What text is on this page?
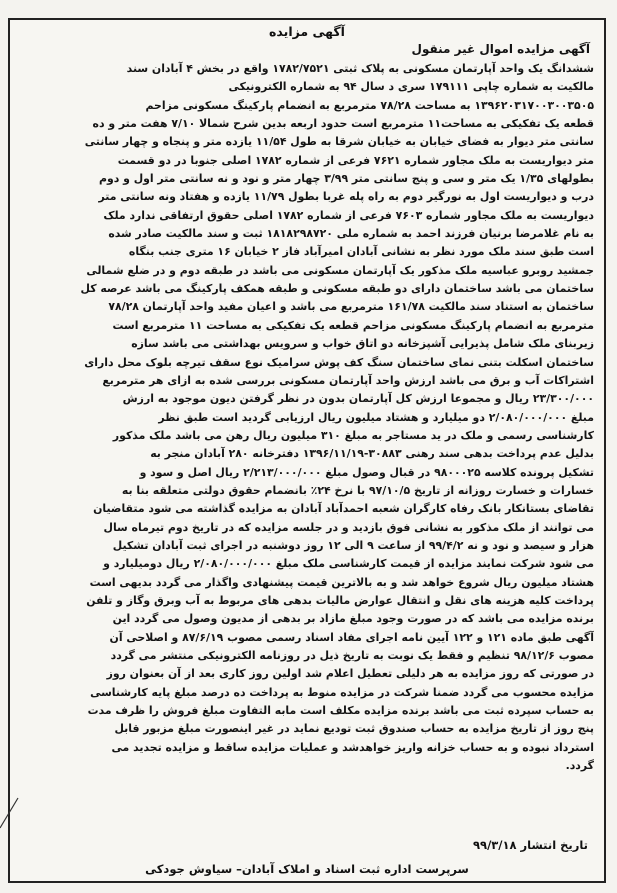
آگهی مزایده
آگهی مزایده اموال غیر منقول
ششدانگ یک واحد آپارتمان مسکونی به پلاک ثبتی ۱۷۸۲/۷۵۲۱ واقع در بخش ۴ آبادان سند
مالکیت به شماره چاپی ۱۷۹۱۱۱ سری د سال ۹۴ به شماره الکترونیکی
۱۳۹۶۲۰۳۱۷۰۰۳۰۰۳۵۰۵ به مساحت ۷۸/۲۸ مترمربع به انضمام پارکینگ مسکونی مزاحم
قطعه یک تفکیکی به مساحت۱۱ مترمربع است حدود اربعه بدین شرح شمالا ۷/۱۰ هفت متر و ده
سانتی متر دیوار به فضای خیابان به خیابان شرقا به طول ۱۱/۵۴ یازده متر و پنجاه و چهار سانتی
متر دیواریست به ملک مجاور شماره ۷۶۲۱ فرعی از شماره ۱۷۸۲ اصلی جنوبا در دو قسمت
بطولهای ۱/۳۵ یک متر و سی و پنج سانتی متر ۳/۹۹ چهار متر و نود و نه سانتی متر اول و دوم
درب و دیواریست اول به نورگیر دوم به راه پله غربا بطول ۱۱/۷۹ یازده و هفتاد ونه سانتی متر
دیواریست به ملک مجاور شماره ۷۶۰۳ فرعی از شماره ۱۷۸۲ اصلی حقوق ارتفاقی ندارد ملک
به نام غلامرضا برنیان فرزند احمد به شماره ملی ۱۸۱۸۲۹۸۷۲۰ ثبت و سند مالکیت صادر شده
است طبق سند ملک مورد نظر به نشانی آبادان امیرآباد فاز ۲ خیابان ۱۶ متری جنب بنگاه
جمشید روبرو عباسیه ملک مذکور یک آپارتمان مسکونی می باشد در طبقه دوم و در ضلع شمالی
ساختمان می باشد ساختمان دارای دو طبقه مسکونی و طبقه همکف پارکینگ می باشد عرصه کل
ساختمان به استناد سند مالکیت ۱۶۱/۷۸ مترمربع می باشد و اعیان مفید واحد آپارتمان ۷۸/۲۸
مترمربع به انضمام پارکینگ مسکونی مزاحم قطعه یک تفکیکی به مساحت ۱۱ مترمربع است
زیربنای ملک شامل پذیرایی آشپزخانه دو اتاق خواب و سرویس بهداشتی می باشد سازه
ساختمان اسکلت بتنی نمای ساختمان سنگ کف پوش سرامیک نوع سقف تیرچه بلوک محل دارای
اشتراکات آب و برق می باشد ارزش واحد آپارتمان مسکونی بررسی شده به ازای هر مترمربع
۲۳/۳۰۰/۰۰۰ ریال و مجموعا ارزش کل آپارتمان بدون در نظر گرفتن دیون موجود به ارزش
مبلغ ۲/۰۸۰/۰۰۰/۰۰۰ دو میلیارد و هشتاد میلیون ریال ارزیابی گردید است طبق نظر
کارشناسی رسمی و ملک در ید مستاجر به مبلغ ۳۱۰ میلیون ریال رهن می باشد ملک مذکور
بدلیل عدم پرداخت بدهی سند رهنی ۳۰۸۸۳-۱۳۹۶/۱۱/۱۹ دفترخانه ۲۸۰ آبادان منجر به
تشکیل پرونده کلاسه ۹۸۰۰۰۲۵ در قبال وصول مبلغ ۲/۲۱۳/۰۰۰/۰۰۰ ریال اصل و سود و
خسارات و خسارت روزانه از تاریخ ۹۷/۱۰/۵ با نرخ ۲۴٪ بانضمام حقوق دولتی متعلقه بنا به
تقاضای بستانکار بانک رفاه کارگران شعبه احمدآباد آبادان به مزایده گذاشته می شود متقاضیان
می توانند از ملک مذکور به نشانی فوق بازدید و در جلسه مزایده که در تاریخ دوم تیرماه سال
هزار و سیصد و نود و نه ۹۹/۴/۲ از ساعت ۹ الی ۱۲ روز دوشنبه در اجرای ثبت آبادان تشکیل
می شود شرکت نمایند مزایده از قیمت کارشناسی ملک مبلغ ۲/۰۸۰/۰۰۰/۰۰۰ ریال دومیلیارد و
هشتاد میلیون ریال شروع خواهد شد و به بالاترین قیمت پیشنهادی واگذار می گردد بدیهی است
پرداخت کلیه هزینه های نقل و انتقال عوارض مالیات بدهی های مربوط به آب وبرق وگاز و تلفن
برنده مزایده می باشد که در صورت وجود مبلغ مازاد بر بدهی از مدیون وصول می گردد این
آگهی طبق ماده ۱۲۱ و ۱۲۲ آیین نامه اجرای مفاد اسناد رسمی مصوب ۸۷/۶/۱۹ و اصلاحی آن
مصوب ۹۸/۱۲/۶ تنظیم و فقط یک نوبت به تاریخ ذیل در روزنامه الکترونیکی منتشر می گردد
در صورتی که روز مزایده به هر دلیلی تعطیل اعلام شد اولین روز کاری بعد از آن بعنوان روز
مزایده محسوب می گردد ضمنا شرکت در مزایده منوط به پرداخت ده درصد مبلغ پایه کارشناسی
به حساب سپرده ثبت می باشد برنده مزایده مکلف است مابه التفاوت مبلغ فروش را ظرف مدت
پنج روز از تاریخ مزایده به حساب صندوق ثبت تودیع نماید در غیر اینصورت مبلغ مزبور قابل
استرداد نبوده و به حساب خزانه واریز خواهدشد و عملیات مزایده ساقط و مزایده تجدید می
گردد.
تاریخ انتشار ۹۹/۳/۱۸
سرپرست اداره ثبت اسناد و املاک آبادان– سیاوش جودکی
